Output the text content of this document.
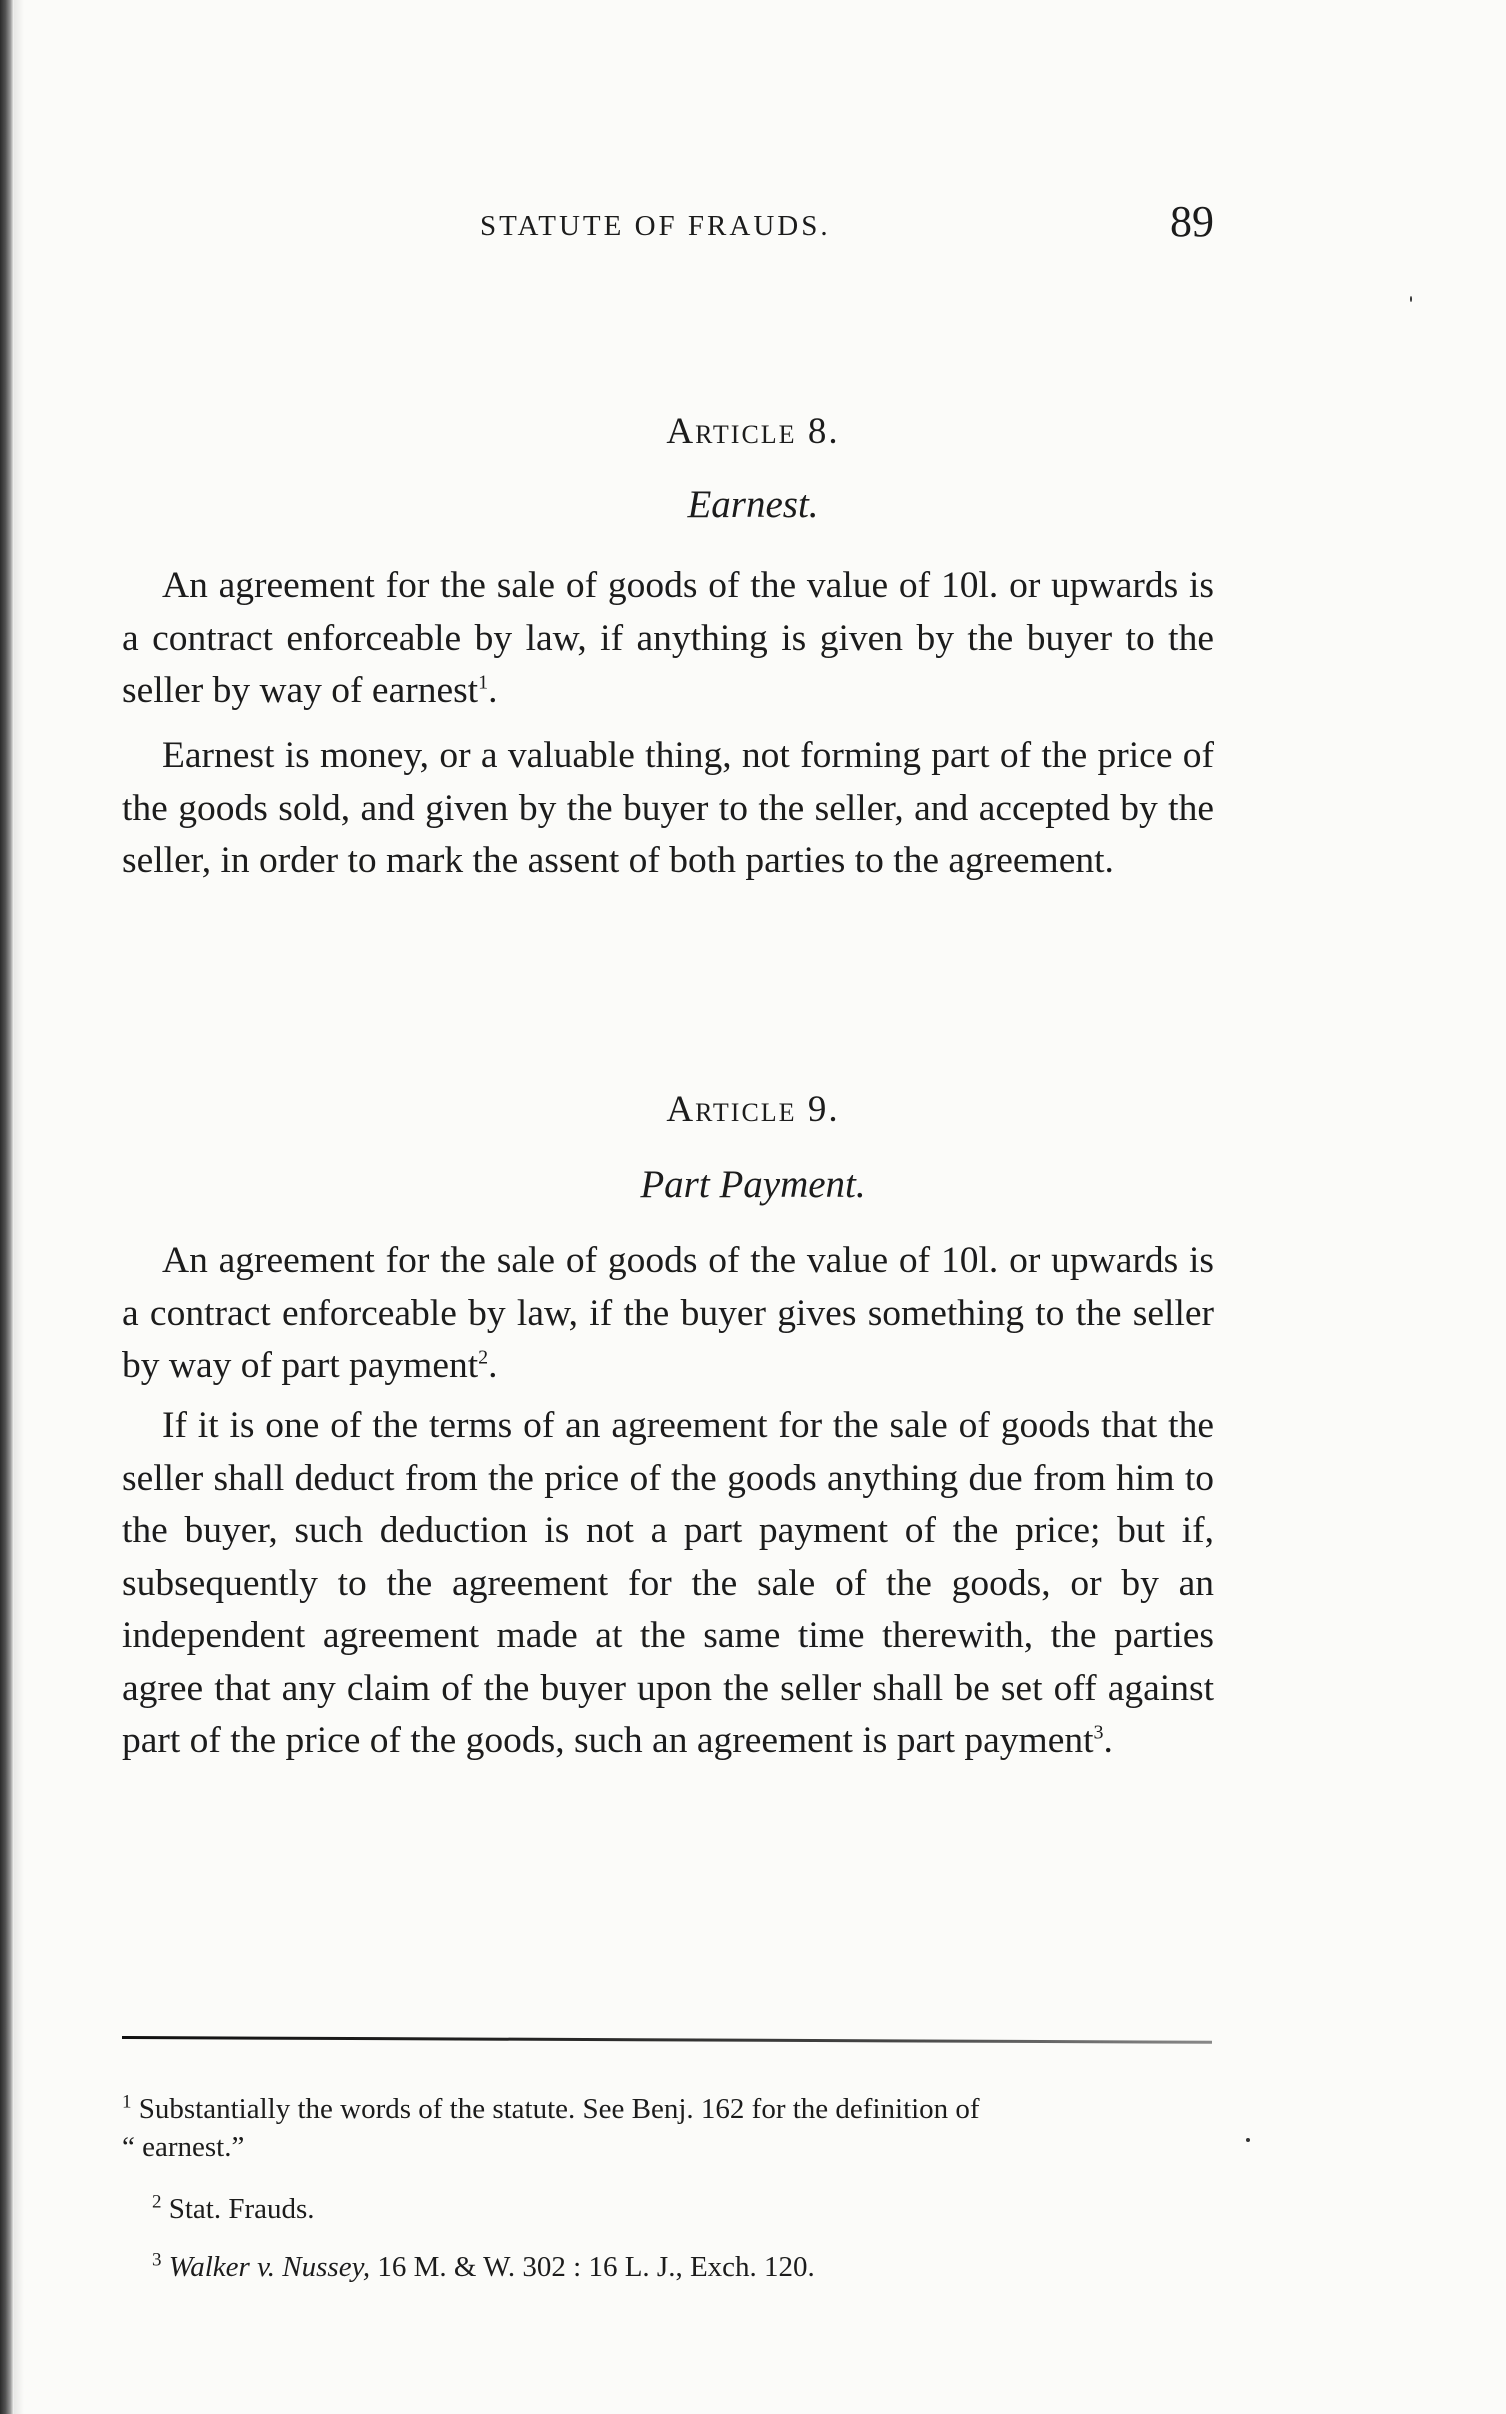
STATUTE OF FRAUDS.	89
Article 8.
Earnest.

An agreement for the sale of goods of the value of 10l. or upwards is a contract enforceable by law, if anything is given by the buyer to the seller by way of earnest$^1$.

Earnest is money, or a valuable thing, not forming part of the price of the goods sold, and given by the buyer to the seller, and accepted by the seller, in order to mark the assent of both parties to the agreement.

Article 9.
Part Payment.

An agreement for the sale of goods of the value of 10l. or upwards is a contract enforceable by law, if the buyer gives something to the seller by way of part payment$^2$.

If it is one of the terms of an agreement for the sale of goods that the seller shall deduct from the price of the goods anything due from him to the buyer, such deduction is not a part payment of the price; but if, subsequently to the agreement for the sale of the goods, or by an independent agreement made at the same time therewith, the parties agree that any claim of the buyer upon the seller shall be set off against part of the price of the goods, such an agreement is part payment$^3$.

$^1$ Substantially the words of the statute. See Benj. 162 for the definition of
“ earnest.”

$^2$ Stat. Frauds.

$^3$ Walker v. Nussey, 16 M. & W. 302 : 16 L. J., Exch. 120.
